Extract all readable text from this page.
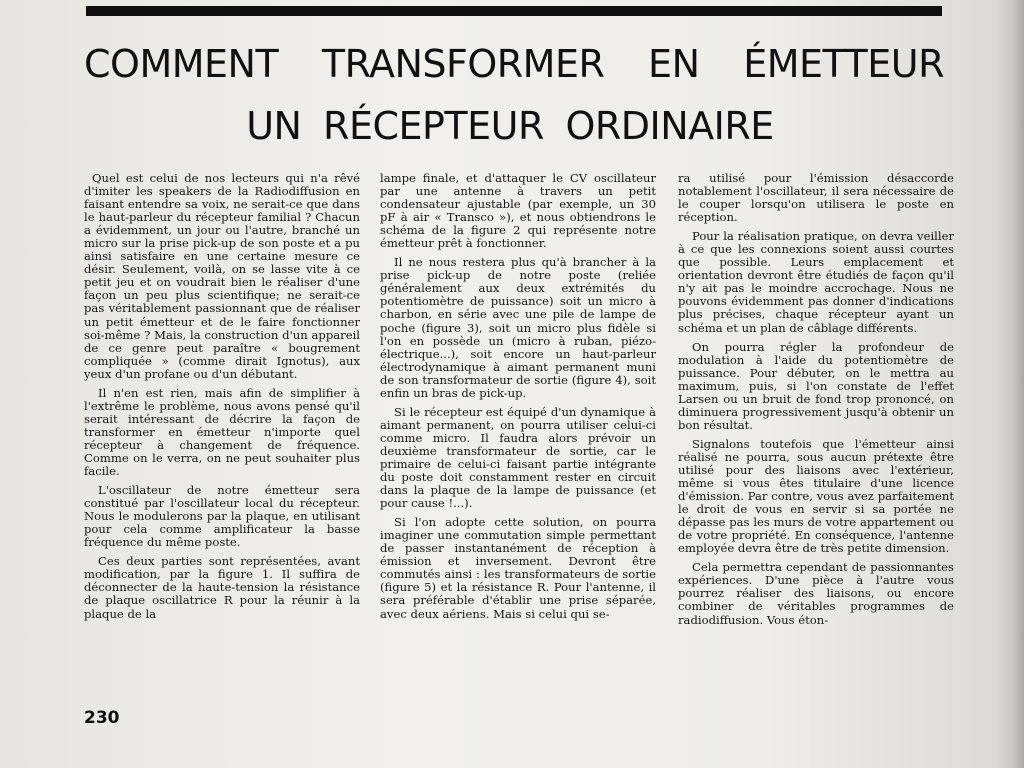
COMMENT TRANSFORMER EN ÉMETTEUR
UN RÉCEPTEUR ORDINAIRE

Quel est celui de nos lecteurs qui n'a rêvé d'imiter les speakers de la Radiodiffusion en faisant entendre sa voix, ne serait-ce que dans le haut-parleur du récepteur familial ? Chacun a évidemment, un jour ou l'autre, branché un micro sur la prise pick-up de son poste et a pu ainsi satisfaire en une certaine mesure ce désir. Seulement, voilà, on se lasse vite à ce petit jeu et on voudrait bien le réaliser d'une façon un peu plus scientifique; ne serait-ce pas véritablement passionnant que de réaliser un petit émetteur et de le faire fonctionner soi-même ? Mais, la construction d'un appareil de ce genre peut paraître « bougrement compliquée » (comme dirait Ignotus), aux yeux d'un profane ou d'un débutant.

Il n'en est rien, mais afin de simplifier à l'extrême le problème, nous avons pensé qu'il serait intéressant de décrire la façon de transformer en émetteur n'importe quel récepteur à changement de fréquence. Comme on le verra, on ne peut souhaiter plus facile.

L'oscillateur de notre émetteur sera constitué par l'oscillateur local du récepteur. Nous le modulerons par la plaque, en utilisant pour cela comme amplificateur la basse fréquence du même poste.

Ces deux parties sont représentées, avant modification, par la figure 1. Il suffira de déconnecter de la haute-tension la résistance de plaque oscillatrice R pour la réunir à la plaque de la

lampe finale, et d'attaquer le CV oscillateur par une antenne à travers un petit condensateur ajustable (par exemple, un 30 pF à air « Transco »), et nous obtiendrons le schéma de la figure 2 qui représente notre émetteur prêt à fonctionner.

Il ne nous restera plus qu'à brancher à la prise pick-up de notre poste (reliée généralement aux deux extrémités du potentiomètre de puissance) soit un micro à charbon, en série avec une pile de lampe de poche (figure 3), soit un micro plus fidèle si l'on en possède un (micro à ruban, piézo-électrique...), soit encore un haut-parleur électrodynamique à aimant permanent muni de son transformateur de sortie (figure 4), soit enfin un bras de pick-up.

Si le récepteur est équipé d'un dynamique à aimant permanent, on pourra utiliser celui-ci comme micro. Il faudra alors prévoir un deuxième transformateur de sortie, car le primaire de celui-ci faisant partie intégrante du poste doit constamment rester en circuit dans la plaque de la lampe de puissance (et pour cause !...).

Si l'on adopte cette solution, on pourra imaginer une commutation simple permettant de passer instantanément de réception à émission et inversement. Devront être commutés ainsi : les transformateurs de sortie (figure 5) et la résistance R. Pour l'antenne, il sera préférable d'établir une prise séparée, avec deux aériens. Mais si celui qui se-

ra utilisé pour l'émission désaccorde notablement l'oscillateur, il sera nécessaire de le couper lorsqu'on utilisera le poste en réception.

Pour la réalisation pratique, on devra veiller à ce que les connexions soient aussi courtes que possible. Leurs emplacement et orientation devront être étudiés de façon qu'il n'y ait pas le moindre accrochage. Nous ne pouvons évidemment pas donner d'indications plus précises, chaque récepteur ayant un schéma et un plan de câblage différents.

On pourra régler la profondeur de modulation à l'aide du potentiomètre de puissance. Pour débuter, on le mettra au maximum, puis, si l'on constate de l'effet Larsen ou un bruit de fond trop prononcé, on diminuera progressivement jusqu'à obtenir un bon résultat.

Signalons toutefois que l'émetteur ainsi réalisé ne pourra, sous aucun prétexte être utilisé pour des liaisons avec l'extérieur, même si vous êtes titulaire d'une licence d'émission. Par contre, vous avez parfaitement le droit de vous en servir si sa portée ne dépasse pas les murs de votre appartement ou de votre propriété. En conséquence, l'antenne employée devra être de très petite dimension.

Cela permettra cependant de passionnantes expériences. D'une pièce à l'autre vous pourrez réaliser des liaisons, ou encore combiner de véritables programmes de radiodiffusion. Vous éton-

230
